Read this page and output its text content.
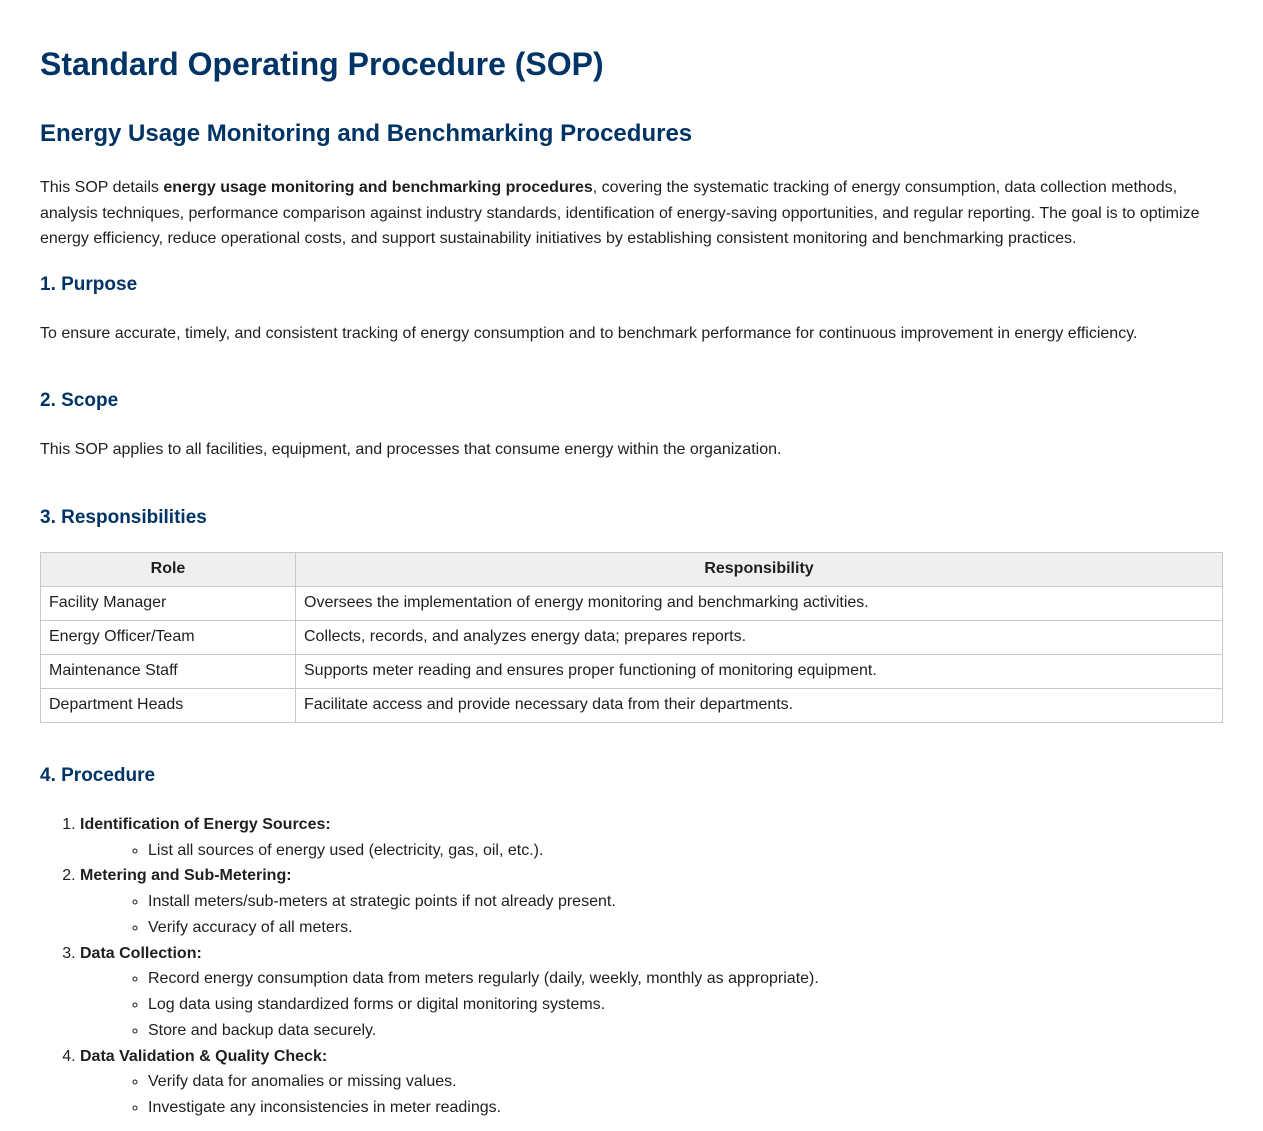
Standard Operating Procedure (SOP)
Energy Usage Monitoring and Benchmarking Procedures

This SOP details energy usage monitoring and benchmarking procedures, covering the systematic tracking of energy consumption, data collection methods, analysis techniques, performance comparison against industry standards, identification of energy-saving opportunities, and regular reporting. The goal is to optimize energy efficiency, reduce operational costs, and support sustainability initiatives by establishing consistent monitoring and benchmarking practices.

1. Purpose

To ensure accurate, timely, and consistent tracking of energy consumption and to benchmark performance for continuous improvement in energy efficiency.

2. Scope

This SOP applies to all facilities, equipment, and processes that consume energy within the organization.

3. Responsibilities
Role	Responsibility
Facility Manager	Oversees the implementation of energy monitoring and benchmarking activities.
Energy Officer/Team	Collects, records, and analyzes energy data; prepares reports.
Maintenance Staff	Supports meter reading and ensures proper functioning of monitoring equipment.
Department Heads	Facilitate access and provide necessary data from their departments.
4. Procedure
1. Identification of Energy Sources:
◦ List all sources of energy used (electricity, gas, oil, etc.).
2. Metering and Sub-Metering:
◦ Install meters/sub-meters at strategic points if not already present.
◦ Verify accuracy of all meters.
3. Data Collection:
◦ Record energy consumption data from meters regularly (daily, weekly, monthly as appropriate).
◦ Log data using standardized forms or digital monitoring systems.
◦ Store and backup data securely.
4. Data Validation & Quality Check:
◦ Verify data for anomalies or missing values.
◦ Investigate any inconsistencies in meter readings.
